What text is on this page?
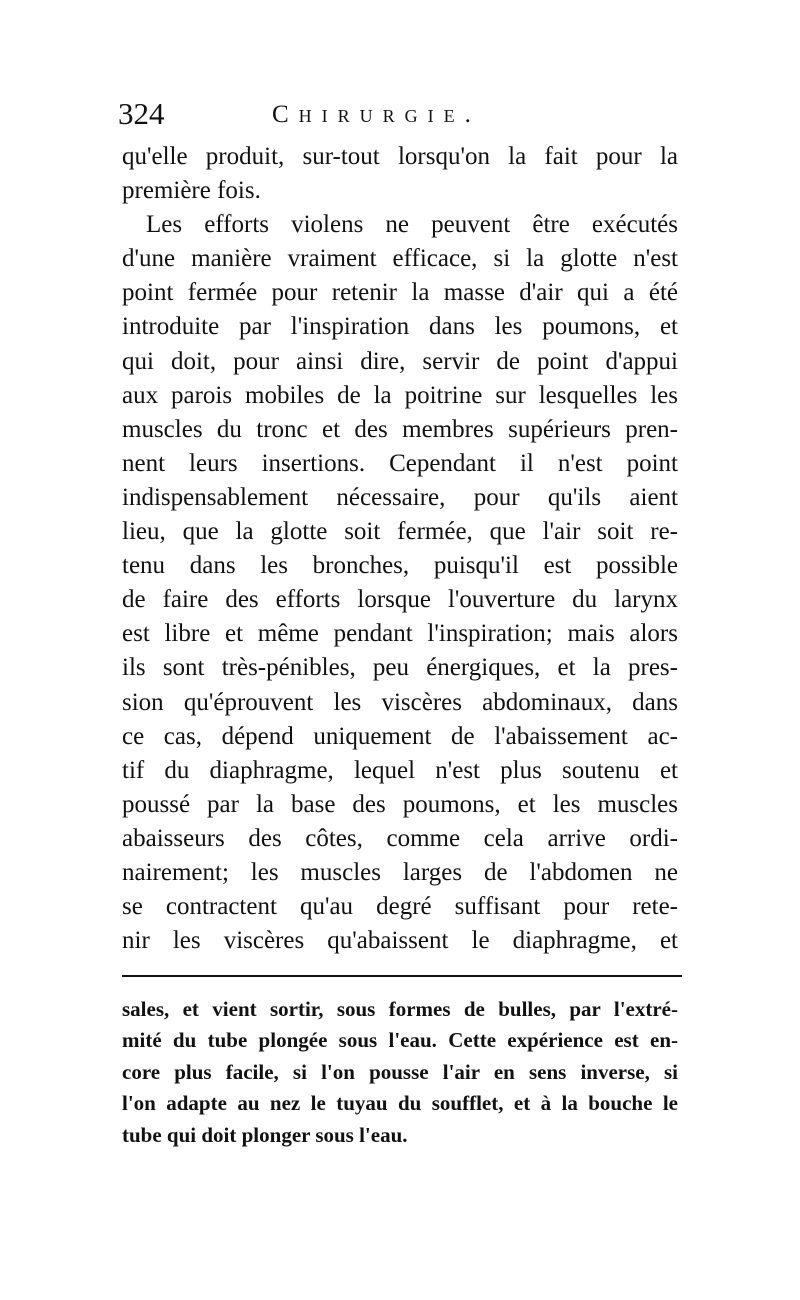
324	Chirurgie.
qu'elle produit, sur-tout lorsqu'on la fait pour la
première fois.
Les efforts violens ne peuvent être exécutés
d'une manière vraiment efficace, si la glotte n'est
point fermée pour retenir la masse d'air qui a été
introduite par l'inspiration dans les poumons, et
qui doit, pour ainsi dire, servir de point d'appui
aux parois mobiles de la poitrine sur lesquelles les
muscles du tronc et des membres supérieurs pren-
nent leurs insertions. Cependant il n'est point
indispensablement nécessaire, pour qu'ils aient
lieu, que la glotte soit fermée, que l'air soit re-
tenu dans les bronches, puisqu'il est possible
de faire des efforts lorsque l'ouverture du larynx
est libre et même pendant l'inspiration; mais alors
ils sont très-pénibles, peu énergiques, et la pres-
sion qu'éprouvent les viscères abdominaux, dans
ce cas, dépend uniquement de l'abaissement ac-
tif du diaphragme, lequel n'est plus soutenu et
poussé par la base des poumons, et les muscles
abaisseurs des côtes, comme cela arrive ordi-
nairement; les muscles larges de l'abdomen ne
se contractent qu'au degré suffisant pour rete-
nir les viscères qu'abaissent le diaphragme, et
sales, et vient sortir, sous formes de bulles, par l'extré-
mité du tube plongée sous l'eau. Cette expérience est en-
core plus facile, si l'on pousse l'air en sens inverse, si
l'on adapte au nez le tuyau du soufflet, et à la bouche le
tube qui doit plonger sous l'eau.
